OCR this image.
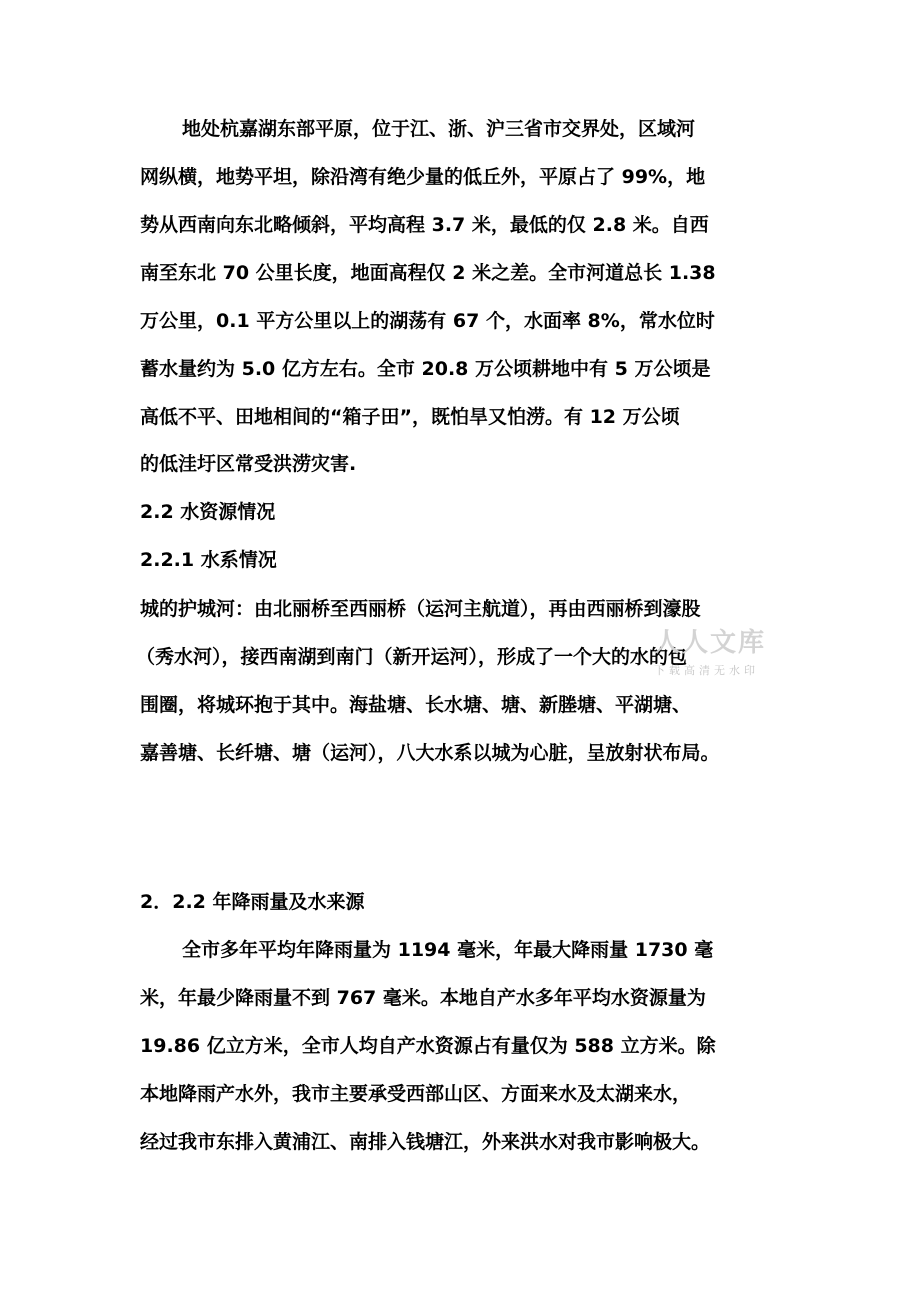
地处杭嘉湖东部平原，位于江、浙、沪三省市交界处，区域河
网纵横，地势平坦，除沿湾有绝少量的低丘外，平原占了 99%，地
势从西南向东北略倾斜，平均高程 3.7 米，最低的仅 2.8 米。自西
南至东北 70 公里长度，地面高程仅 2 米之差。全市河道总长 1.38
万公里，0.1 平方公里以上的湖荡有 67 个，水面率 8%，常水位时
蓄水量约为 5.0 亿方左右。全市 20.8 万公顷耕地中有 5 万公顷是
高低不平、田地相间的“箱子田”，既怕旱又怕涝。有 12 万公顷
的低洼圩区常受洪涝灾害.
2.2 水资源情况
2.2.1 水系情况
城的护城河：由北丽桥至西丽桥（运河主航道），再由西丽桥到濠股
（秀水河），接西南湖到南门（新开运河），形成了一个大的水的包
围圈，将城环抱于其中。海盐塘、长水塘、塘、新塍塘、平湖塘、
嘉善塘、长纤塘、塘（运河），八大水系以城为心脏，呈放射状布局。
2．2.2 年降雨量及水来源
全市多年平均年降雨量为 1194 毫米，年最大降雨量 1730 毫
米，年最少降雨量不到 767 毫米。本地自产水多年平均水资源量为
19.86 亿立方米，全市人均自产水资源占有量仅为 588 立方米。除
本地降雨产水外，我市主要承受西部山区、方面来水及太湖来水，
经过我市东排入黄浦江、南排入钱塘江，外来洪水对我市影响极大。
人人文库
下载高清无水印
